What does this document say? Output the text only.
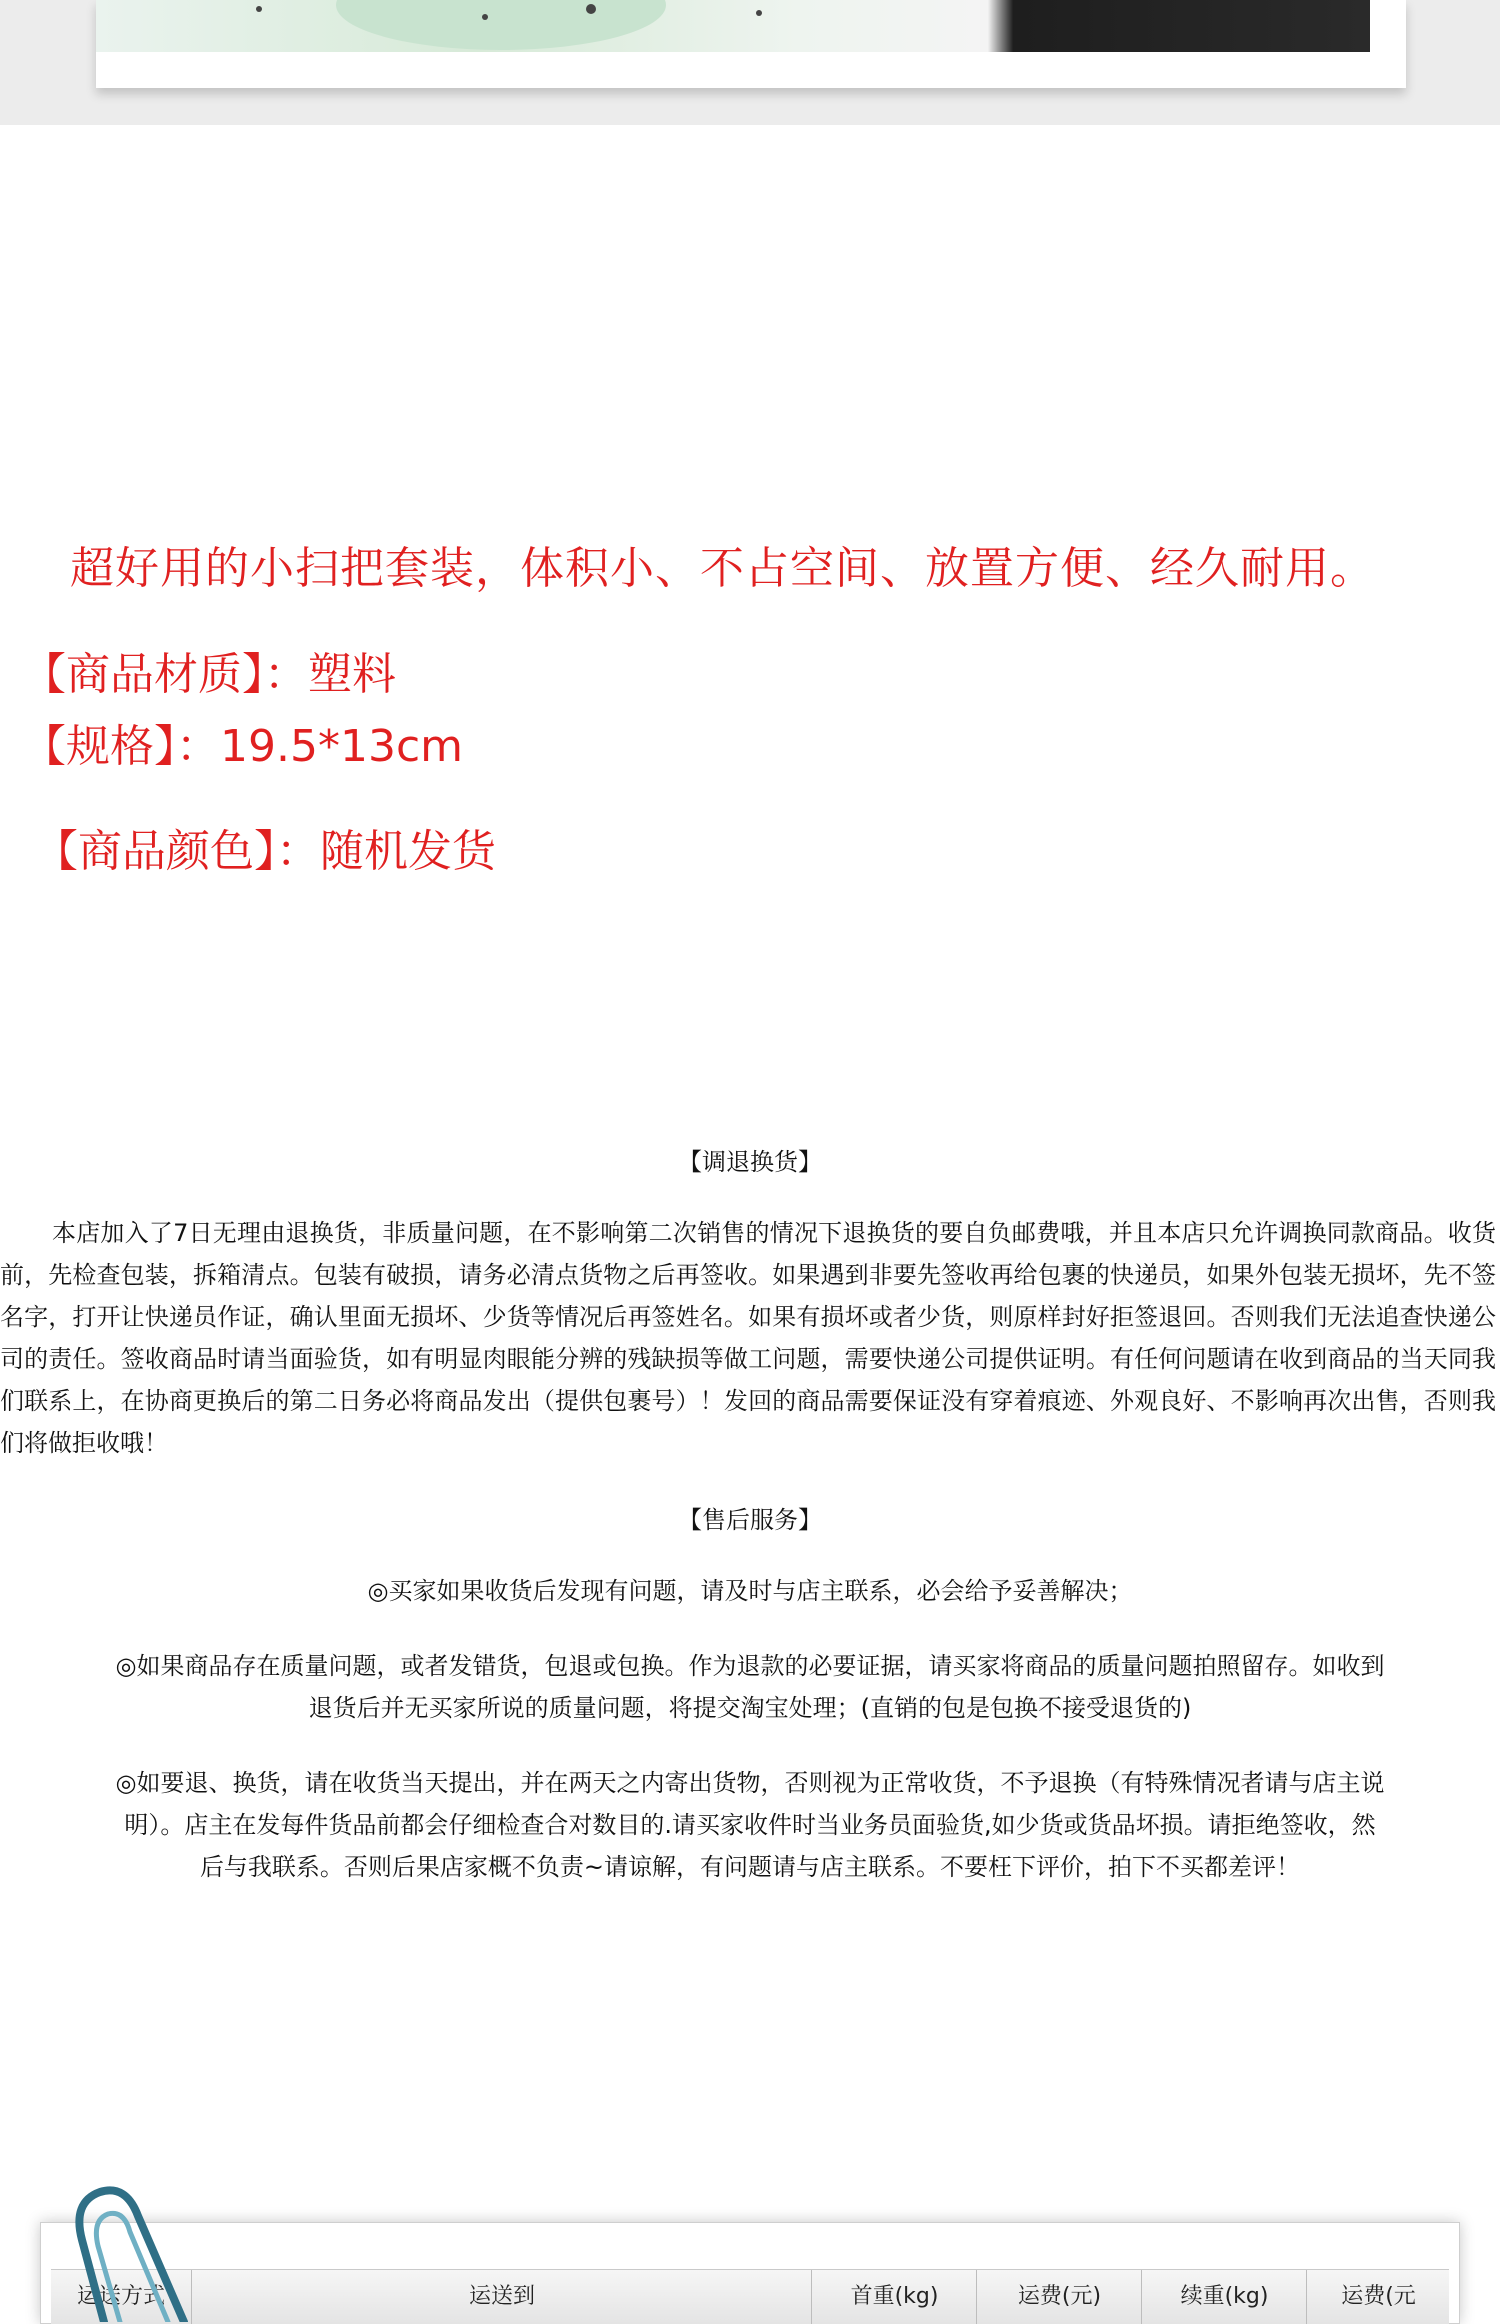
超好用的小扫把套装，体积小、不占空间、放置方便、经久耐用。
【商品材质】：塑料
【规格】：19.5*13cm
【商品颜色】：随机发货
【调退换货】

本店加入了7日无理由退换货，非质量问题，在不影响第二次销售的情况下退换货的要自负邮费哦，并且本店只允许调换同款商品。收货前，先检查包装，拆箱清点。包装有破损，请务必清点货物之后再签收。如果遇到非要先签收再给包裹的快递员，如果外包装无损坏，先不签名字，打开让快递员作证，确认里面无损坏、少货等情况后再签姓名。如果有损坏或者少货，则原样封好拒签退回。否则我们无法追查快递公司的责任。签收商品时请当面验货，如有明显肉眼能分辨的残缺损等做工问题，需要快递公司提供证明。有任何问题请在收到商品的当天同我们联系上，在协商更换后的第二日务必将商品发出（提供包裹号）！发回的商品需要保证没有穿着痕迹、外观良好、不影响再次出售，否则我们将做拒收哦！

【售后服务】

◎买家如果收货后发现有问题，请及时与店主联系，必会给予妥善解决；

◎如果商品存在质量问题，或者发错货，包退或包换。作为退款的必要证据，请买家将商品的质量问题拍照留存。如收到

退货后并无买家所说的质量问题，将提交淘宝处理；(直销的包是包换不接受退货的)

◎如要退、换货，请在收货当天提出，并在两天之内寄出货物，否则视为正常收货，不予退换（有特殊情况者请与店主说

明）。店主在发每件货品前都会仔细检查合对数目的.请买家收件时当业务员面验货,如少货或货品坏损。请拒绝签收，然

后与我联系。否则后果店家概不负责~请谅解，有问题请与店主联系。不要枉下评价，拍下不买都差评！

运送方式	运送到	首重(kg)	运费(元)	续重(kg)	运费(元
